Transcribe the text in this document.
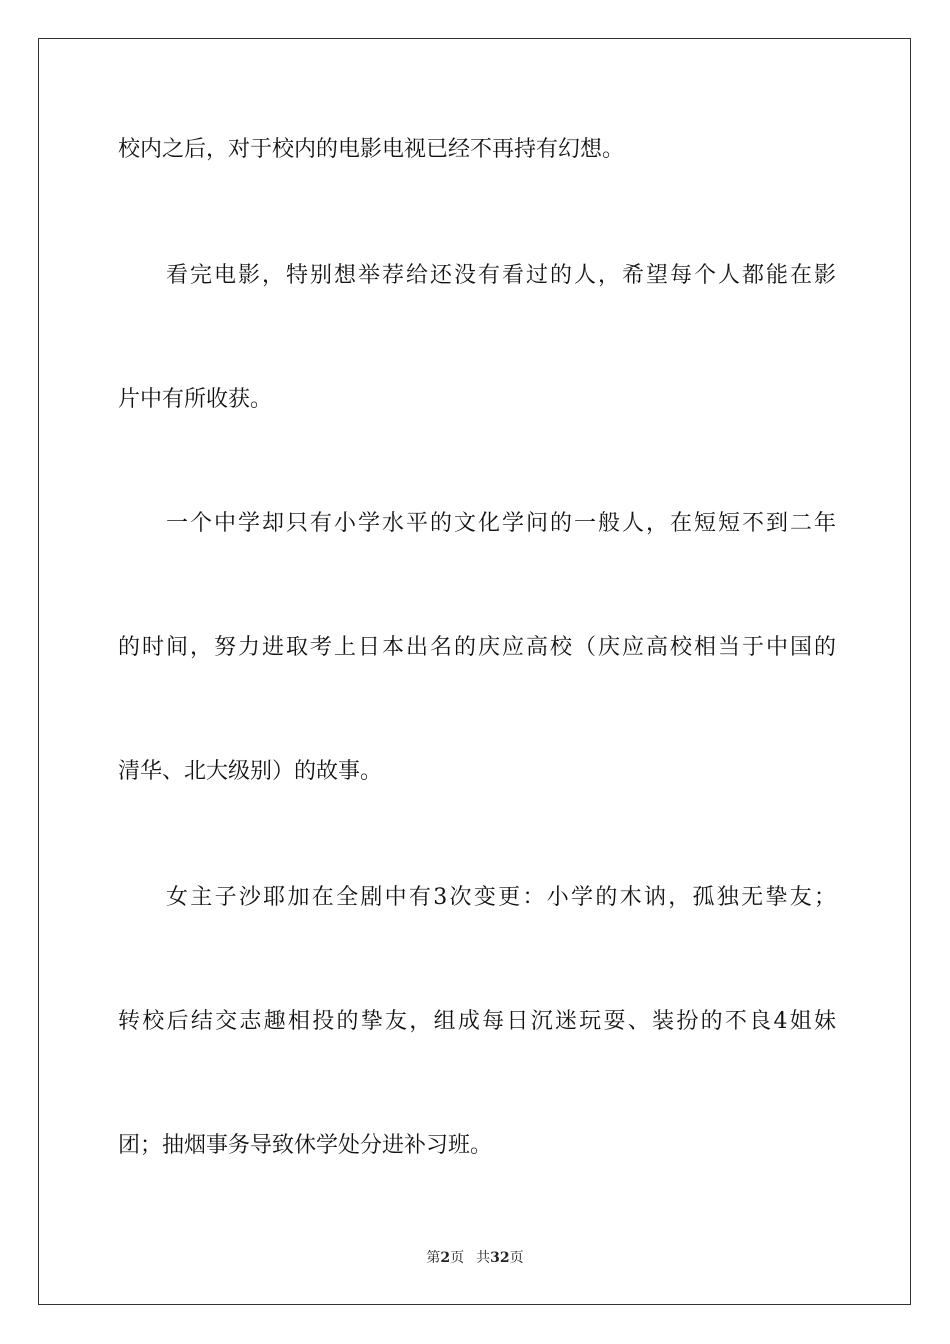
校内之后，对于校内的电影电视已经不再持有幻想。
看完电影，特别想举荐给还没有看过的人，希望每个人都能在影
片中有所收获。
一个中学却只有小学水平的文化学问的一般人，在短短不到二年
的时间，努力进取考上日本出名的庆应高校（庆应高校相当于中国的
清华、北大级别）的故事。
女主子沙耶加在全剧中有3次变更：小学的木讷，孤独无挚友；
转校后结交志趣相投的挚友，组成每日沉迷玩耍、装扮的不良4姐妹
团；抽烟事务导致休学处分进补习班。
第2页 共32页
